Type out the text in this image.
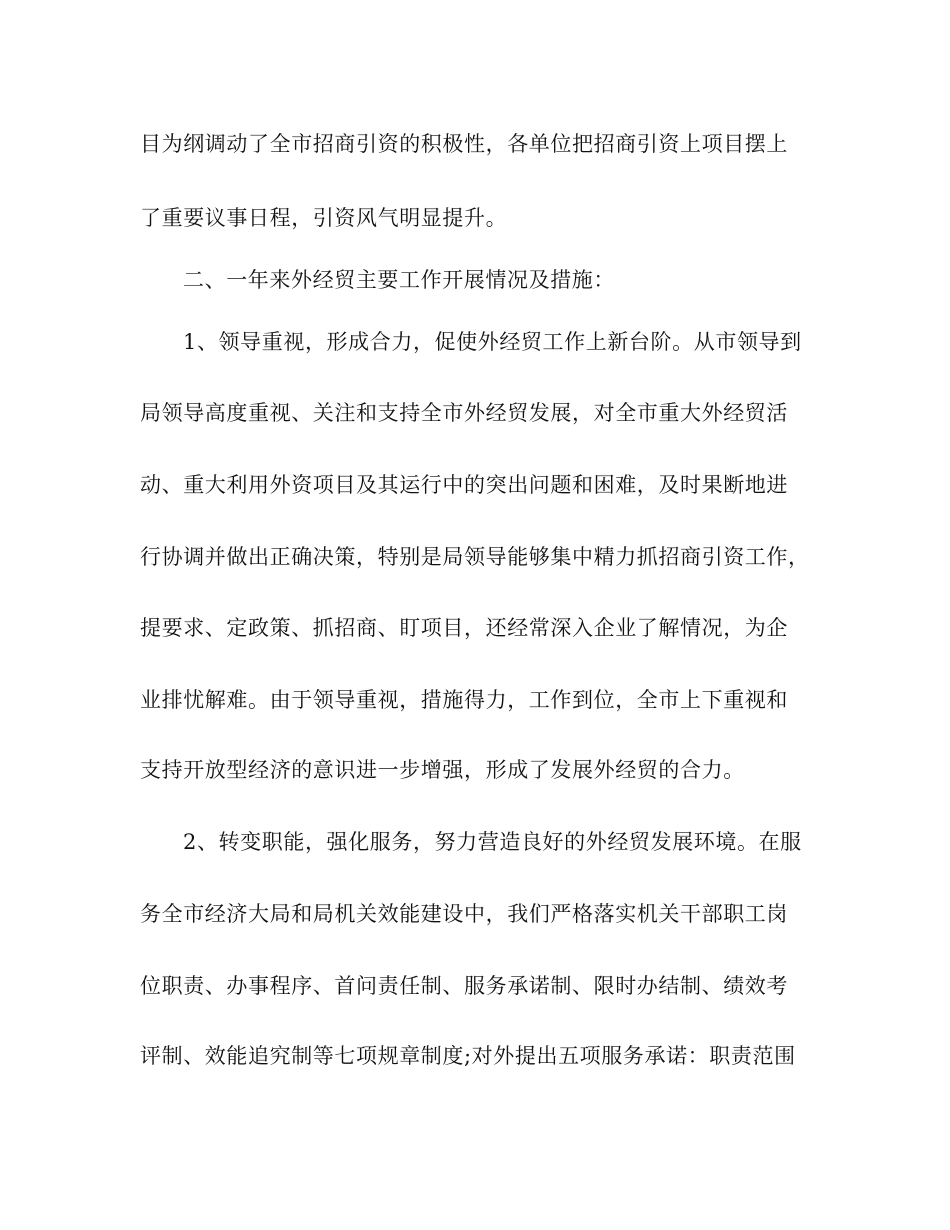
目为纲调动了全市招商引资的积极性，各单位把招商引资上项目摆上
了重要议事日程，引资风气明显提升。
二、一年来外经贸主要工作开展情况及措施：
1、领导重视，形成合力，促使外经贸工作上新台阶。从市领导到
局领导高度重视、关注和支持全市外经贸发展，对全市重大外经贸活
动、重大利用外资项目及其运行中的突出问题和困难，及时果断地进
行协调并做出正确决策，特别是局领导能够集中精力抓招商引资工作，
提要求、定政策、抓招商、盯项目，还经常深入企业了解情况，为企
业排忧解难。由于领导重视，措施得力，工作到位，全市上下重视和
支持开放型经济的意识进一步增强，形成了发展外经贸的合力。
2、转变职能，强化服务，努力营造良好的外经贸发展环境。在服
务全市经济大局和局机关效能建设中，我们严格落实机关干部职工岗
位职责、办事程序、首问责任制、服务承诺制、限时办结制、绩效考
评制、效能追究制等七项规章制度;对外提出五项服务承诺：职责范围
